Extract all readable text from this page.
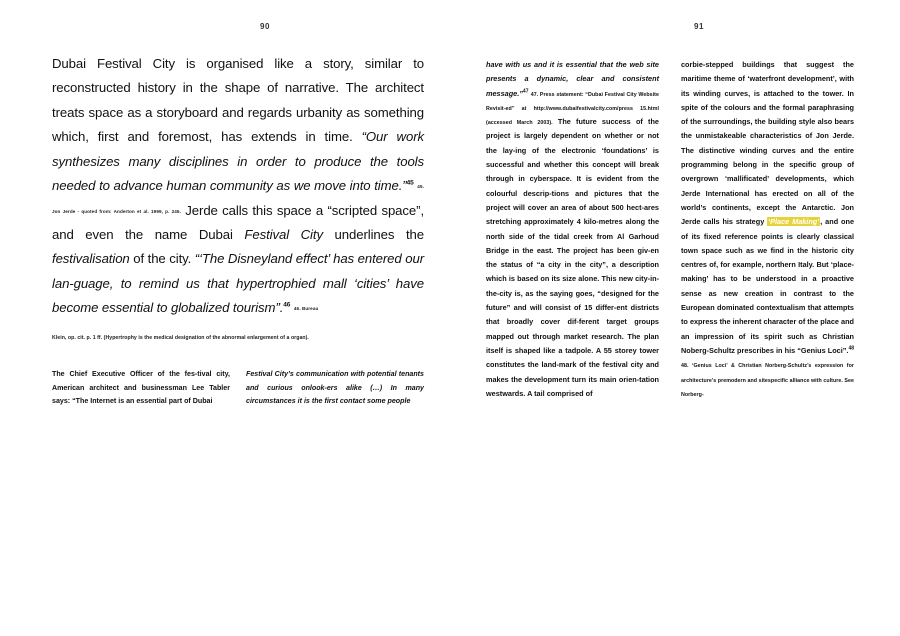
90	91
Dubai Festival City is organised like a story, similar to reconstructed history in the shape of narrative. The architect treats space as a storyboard and regards urbanity as something which, first and foremost, has extends in time. “Our work synthesizes many disciplines in order to produce the tools needed to advance human community as we move into time.”$^{45}$ 45. Jon Jerde - quoted from: Anderton et al. 1999, p. 245. Jerde calls this space a “scripted space”, and even the name Dubai Festival City underlines the festivalisation of the city. “‘The Disneyland effect’ has entered our lan-guage, to remind us that hypertrophied mall ‘cities’ have become essential to globalized tourism”.$^{46}$ 46. Bureau
Klein, op. cit. p. 1 ff. (Hypertrophy is the medical designation of the abnormal enlargement of a organ).
The Chief Executive Officer of the fes-tival city, American architect and businessman Lee Tabler says: “The Internet is an essential part of Dubai
Festival City’s communication with potential tenants and curious onlook-ers alike (…) In many circumstances it is the first contact some people
have with us and it is essential that the web site presents a dynamic, clear and consistent message.”$^{47}$ 47. Press statement: “Dubai Festival City Website Revisit-ed” at http://www.dubaifestivalcity.com/press 15.html (accessed March 2003). The future success of the project is largely dependent on whether or not the lay-ing of the electronic ‘foundations’ is successful and whether this concept will break through in cyberspace. It is evident from the colourful descrip-tions and pictures that the project will cover an area of about 500 hect-ares stretching approximately 4 kilo-metres along the north side of the tidal creek from Al Garhoud Bridge in the east. The project has been giv-en the status of “a city in the city”, a description which is based on its size alone. This new city-in-the-city is, as the saying goes, “designed for the future” and will consist of 15 differ-ent districts that broadly cover dif-ferent target groups mapped out through market research. The plan itself is shaped like a tadpole. A 55 storey tower constitutes the land-mark of the festival city and makes the development turn its main orien-tation westwards. A tail comprised of
corbie-stepped buildings that suggest the maritime theme of ‘waterfront development’, with its winding curves, is attached to the tower. In spite of the colours and the formal paraphrasing of the surroundings, the building style also bears the unmistakeable characteristics of Jon Jerde. The distinctive winding curves and the entire programming belong in the specific group of overgrown ‘mallificated’ developments, which Jerde International has erected on all of the world’s continents, except the Antarctic. Jon Jerde calls his strategy ‘Place Making’, and one of its fixed reference points is clearly classical town space such as we find in the historic city centres of, for example, northern Italy. But ‘place-making’ has to be understood in a proactive sense as new creation in contrast to the European dominated contextualism that attempts to express the inherent character of the place and an impression of its spirit such as Christian Noberg-Schultz prescribes in his “Genius Loci”.$^{48}$ 48. ‘Genius Loci’ & Christian Norberg-Schultz’s expression for architecture’s premodern and sitespecific alliance with culture. See Norberg-
